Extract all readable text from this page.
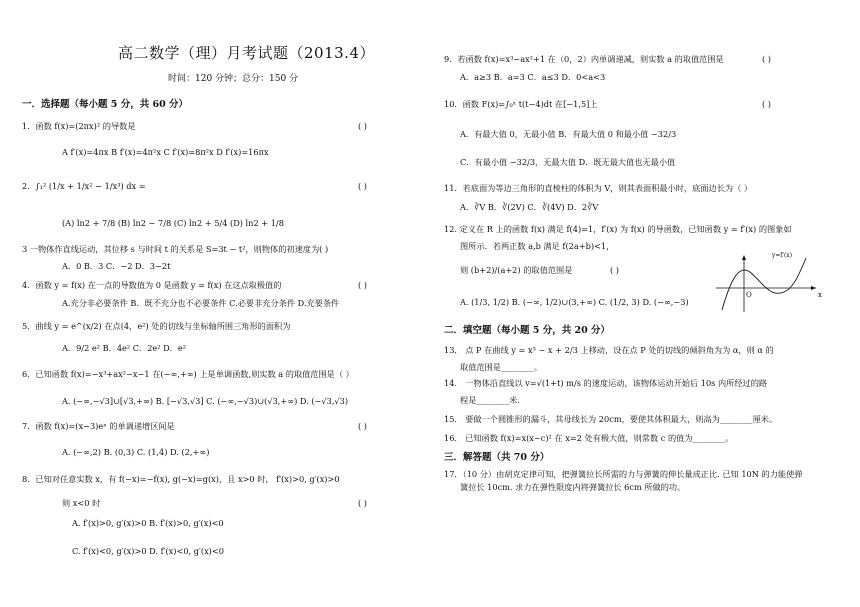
高二数学（理）月考试题（2013.4）
时间：120 分钟；总分：150 分
一．选择题（每小题 5 分，共 60 分）
1．函数 f(x)=(2πx)² 的导数是	( )
A f′(x)=4πx B f′(x)=4π²x C f′(x)=8π²x D f′(x)=16πx
2．∫₁² (1/x + 1/x² − 1/x³) dx =	( )
(A) ln2 + 7/8 (B) ln2 − 7/8 (C) ln2 + 5/4 (D) ln2 + 1/8
3 一物体作直线运动，其位移 s 与时间 t 的关系是 S=3t − t²，则物体的初速度为( )
A．0 B．3 C．−2 D．3−2t
4．函数 y = f(x) 在一点的导数值为 0 是函数 y = f(x) 在这点取极值的	( )
A.充分非必要条件 B．既不充分也不必要条件 C.必要非充分条件 D.充要条件
5．曲线 y = e^(x/2) 在点(4，e²) 处的切线与坐标轴所围三角形的面积为
A．9/2 e² B．4e² C．2e² D．e²
6．已知函数 f(x)=−x³+ax²−x−1 在(−∞,+∞) 上是单调函数,则实数 a 的取值范围是（ ）
A. (−∞,−√3]∪[√3,+∞) B. [−√3,√3] C. (−∞,−√3)∪(√3,+∞) D. (−√3,√3)
7．函数 f(x)=(x−3)eˣ 的单调递增区间是	( )
A. (−∞,2) B. (0,3) C. (1,4) D. (2,+∞)
8．已知对任意实数 x，有 f(−x)=−f(x), g(−x)=g(x)，且 x>0 时， f′(x)>0, g′(x)>0
则 x<0 时	( )
A. f′(x)>0, g′(x)>0 B. f′(x)>0, g′(x)<0
C. f′(x)<0, g′(x)>0 D. f′(x)<0, g′(x)<0
9．若函数 f(x)=x³−ax²+1 在（0，2）内单调递减，则实数 a 的取值范围是	( )
A．a≥3 B．a=3 C．a≤3 D．0<a<3
10．函数 F(x)=∫₀ˣ t(t−4)dt 在[−1,5]上	( )
A．有最大值 0，无最小值 B．有最大值 0 和最小值 −32/3
C．有最小值 −32/3，无最大值 D．既无最大值也无最小值
11．若底面为等边三角形的直棱柱的体积为 V，则其表面积最小时，底面边长为（ ）
A．∛V B．∛(2V) C．∛(4V) D．2∛V
12. 定义在 R 上的函数 f(x) 满足 f(4)=1，f′(x) 为 f(x) 的导函数，已知函数 y = f′(x) 的图象如
图所示．若两正数 a,b 满足 f(2a+b)<1，
则 (b+2)/(a+2) 的取值范围是	( )
A. (1/3, 1/2) B. (−∞, 1/2)∪(3,+∞) C. (1/2, 3) D. (−∞,−3)
y=f′(x)
O	x
二．填空题（每小题 5 分，共 20 分）
13． 点 P 在曲线 y = x³ − x + 2/3 上移动，设在点 P 处的切线的倾斜角为为 α，则 α 的
取值范围是________。
14． 一物体沿直线以 v=√(1+t) m/s 的速度运动，该物体运动开始后 10s 内所经过的路
程是________米.
15． 要做一个圆锥形的漏斗，其母线长为 20cm，要使其体积最大，则高为________厘米。
16． 已知函数 f(x)=x(x−c)² 在 x=2 处有极大值，则常数 c 的值为________。
三．解答题（共 70 分）
17．（10 分）由胡克定律可知，把弹簧拉长所需的力与弹簧的伸长量成正比. 已知 10N 的力能使弹
簧拉长 10cm. 求力在弹性限度内将弹簧拉长 6cm 所做的功。
